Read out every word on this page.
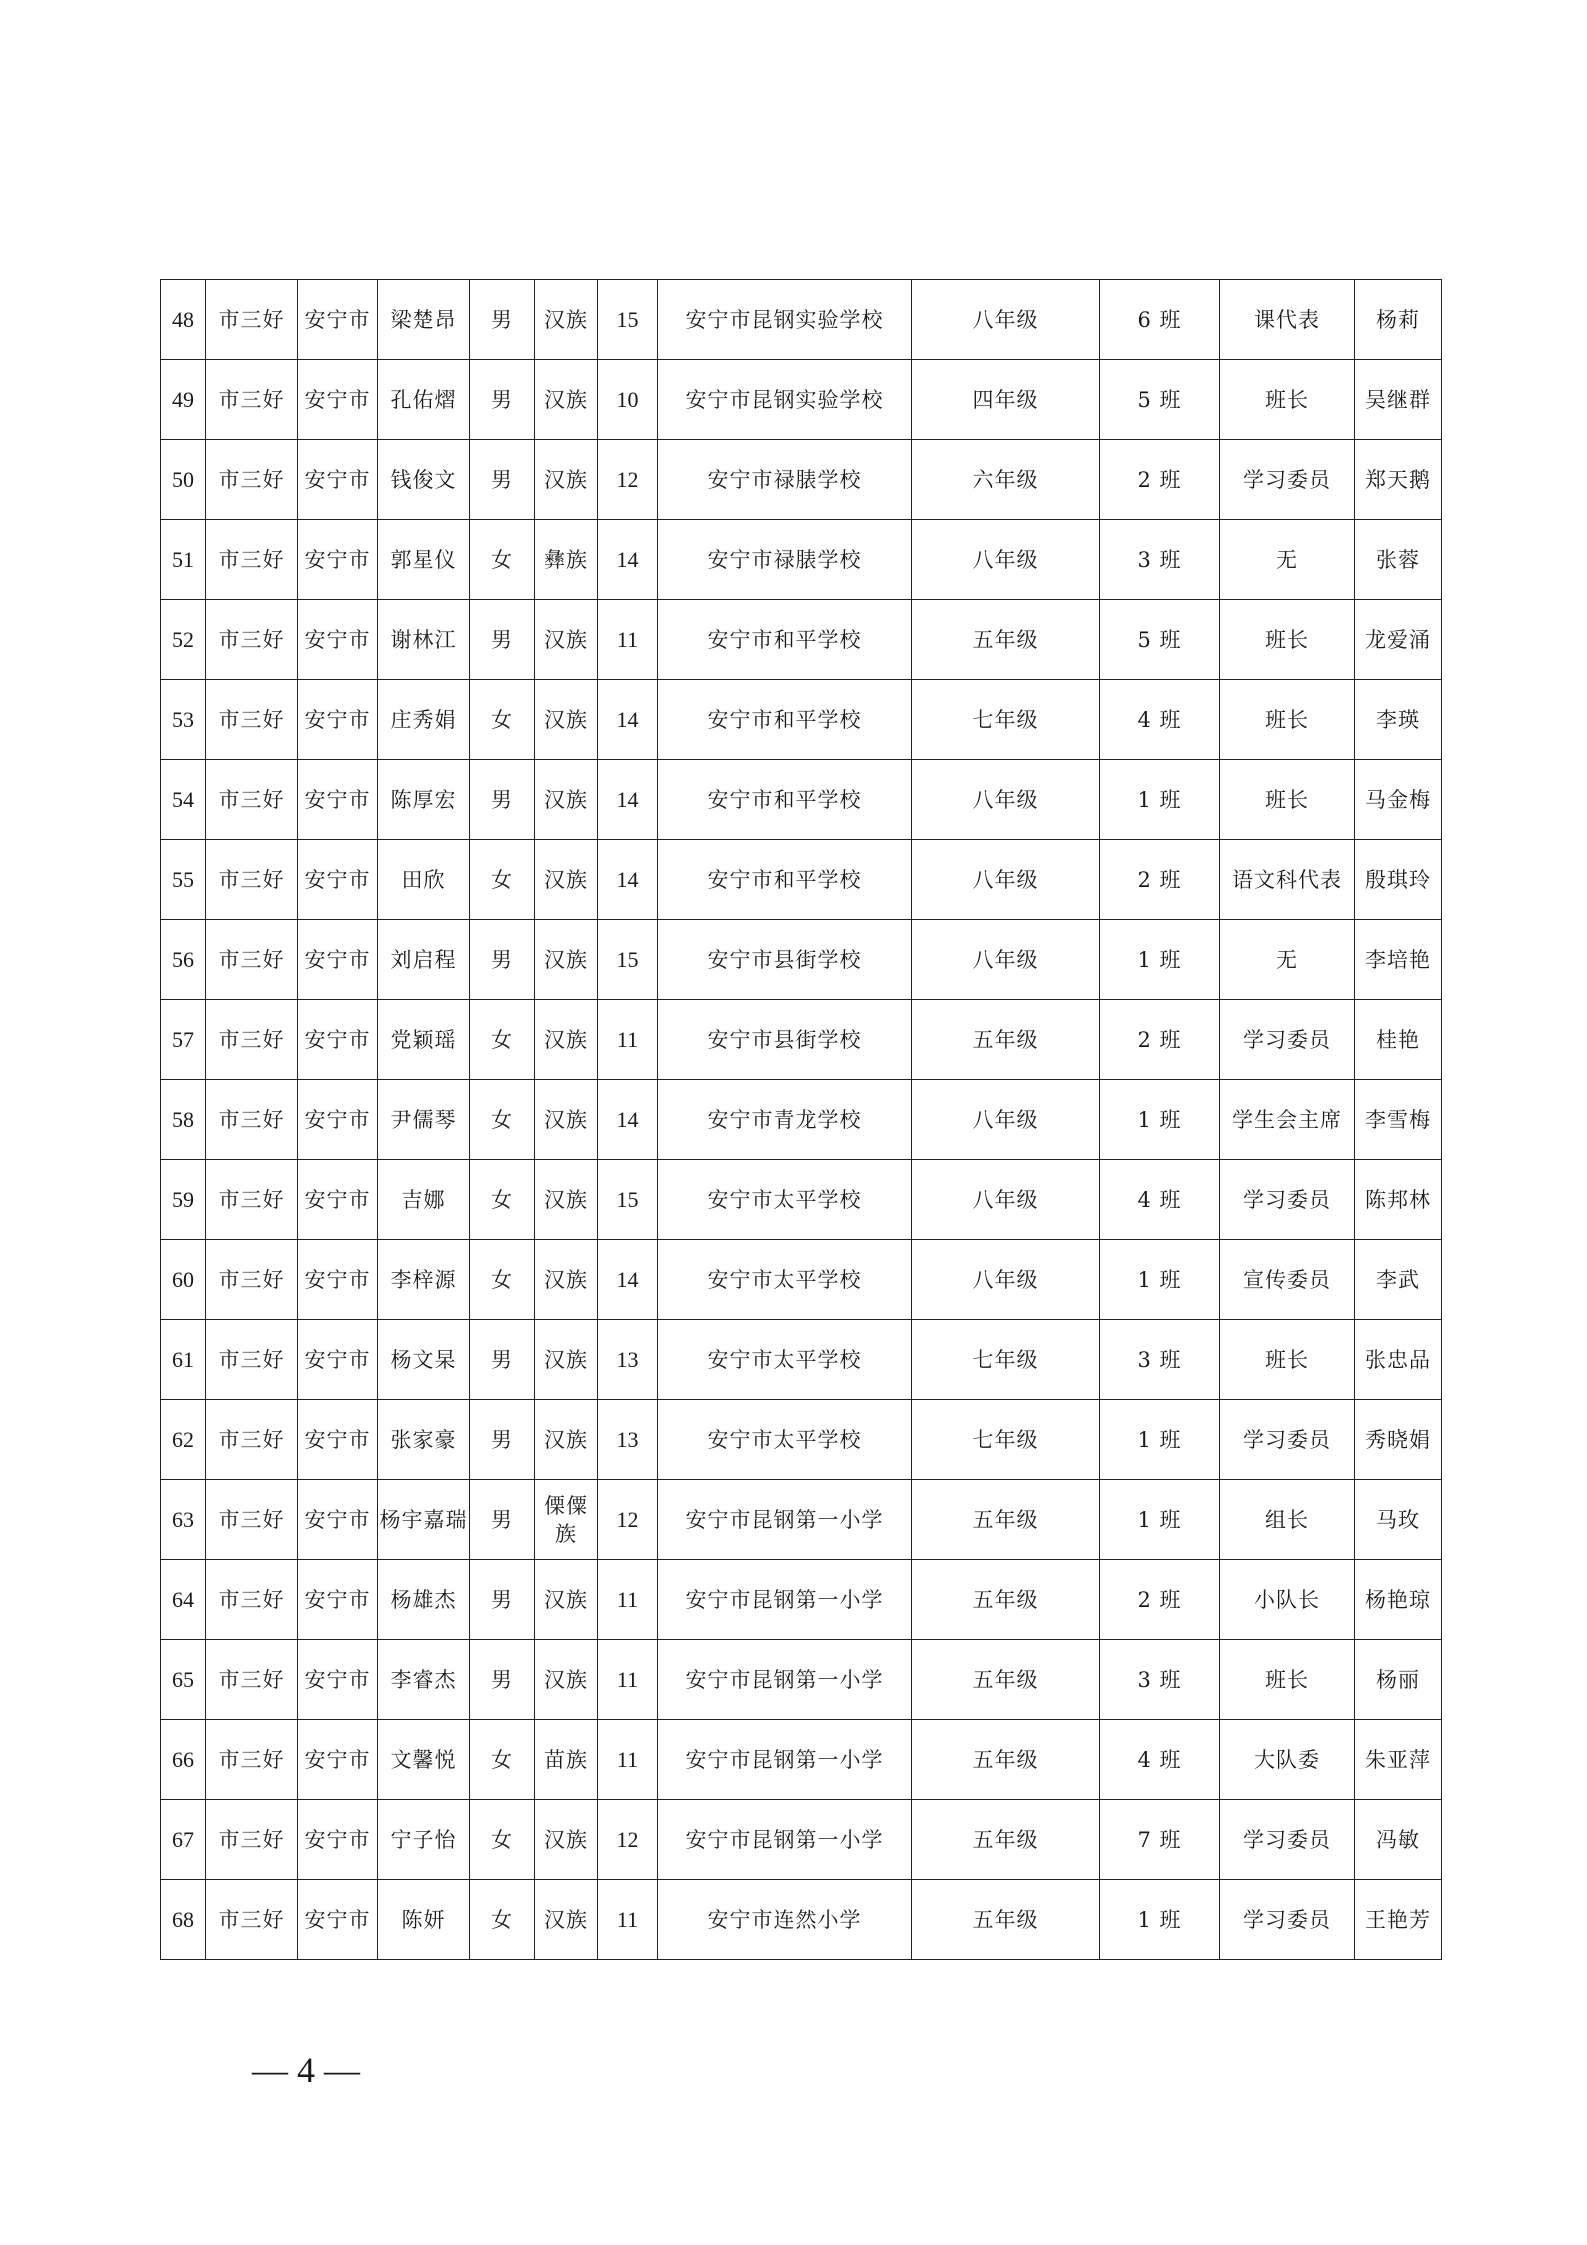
48	市三好	安宁市	梁楚昂	男	汉族	15	安宁市昆钢实验学校	八年级	6 班	课代表	杨莉
49	市三好	安宁市	孔佑熠	男	汉族	10	安宁市昆钢实验学校	四年级	5 班	班长	吴继群
50	市三好	安宁市	钱俊文	男	汉族	12	安宁市禄脿学校	六年级	2 班	学习委员	郑天鹅
51	市三好	安宁市	郭星仪	女	彝族	14	安宁市禄脿学校	八年级	3 班	无	张蓉
52	市三好	安宁市	谢林江	男	汉族	11	安宁市和平学校	五年级	5 班	班长	龙爱涌
53	市三好	安宁市	庄秀娟	女	汉族	14	安宁市和平学校	七年级	4 班	班长	李瑛
54	市三好	安宁市	陈厚宏	男	汉族	14	安宁市和平学校	八年级	1 班	班长	马金梅
55	市三好	安宁市	田欣	女	汉族	14	安宁市和平学校	八年级	2 班	语文科代表	殷琪玲
56	市三好	安宁市	刘启程	男	汉族	15	安宁市县街学校	八年级	1 班	无	李培艳
57	市三好	安宁市	党颖瑶	女	汉族	11	安宁市县街学校	五年级	2 班	学习委员	桂艳
58	市三好	安宁市	尹儒琴	女	汉族	14	安宁市青龙学校	八年级	1 班	学生会主席	李雪梅
59	市三好	安宁市	吉娜	女	汉族	15	安宁市太平学校	八年级	4 班	学习委员	陈邦林
60	市三好	安宁市	李梓源	女	汉族	14	安宁市太平学校	八年级	1 班	宣传委员	李武
61	市三好	安宁市	杨文杲	男	汉族	13	安宁市太平学校	七年级	3 班	班长	张忠品
62	市三好	安宁市	张家豪	男	汉族	13	安宁市太平学校	七年级	1 班	学习委员	秀晓娟
63	市三好	安宁市	杨宇嘉瑞	男	傈僳族	12	安宁市昆钢第一小学	五年级	1 班	组长	马玫
64	市三好	安宁市	杨雄杰	男	汉族	11	安宁市昆钢第一小学	五年级	2 班	小队长	杨艳琼
65	市三好	安宁市	李睿杰	男	汉族	11	安宁市昆钢第一小学	五年级	3 班	班长	杨丽
66	市三好	安宁市	文馨悦	女	苗族	11	安宁市昆钢第一小学	五年级	4 班	大队委	朱亚萍
67	市三好	安宁市	宁子怡	女	汉族	12	安宁市昆钢第一小学	五年级	7 班	学习委员	冯敏
68	市三好	安宁市	陈妍	女	汉族	11	安宁市连然小学	五年级	1 班	学习委员	王艳芳
— 4 —
